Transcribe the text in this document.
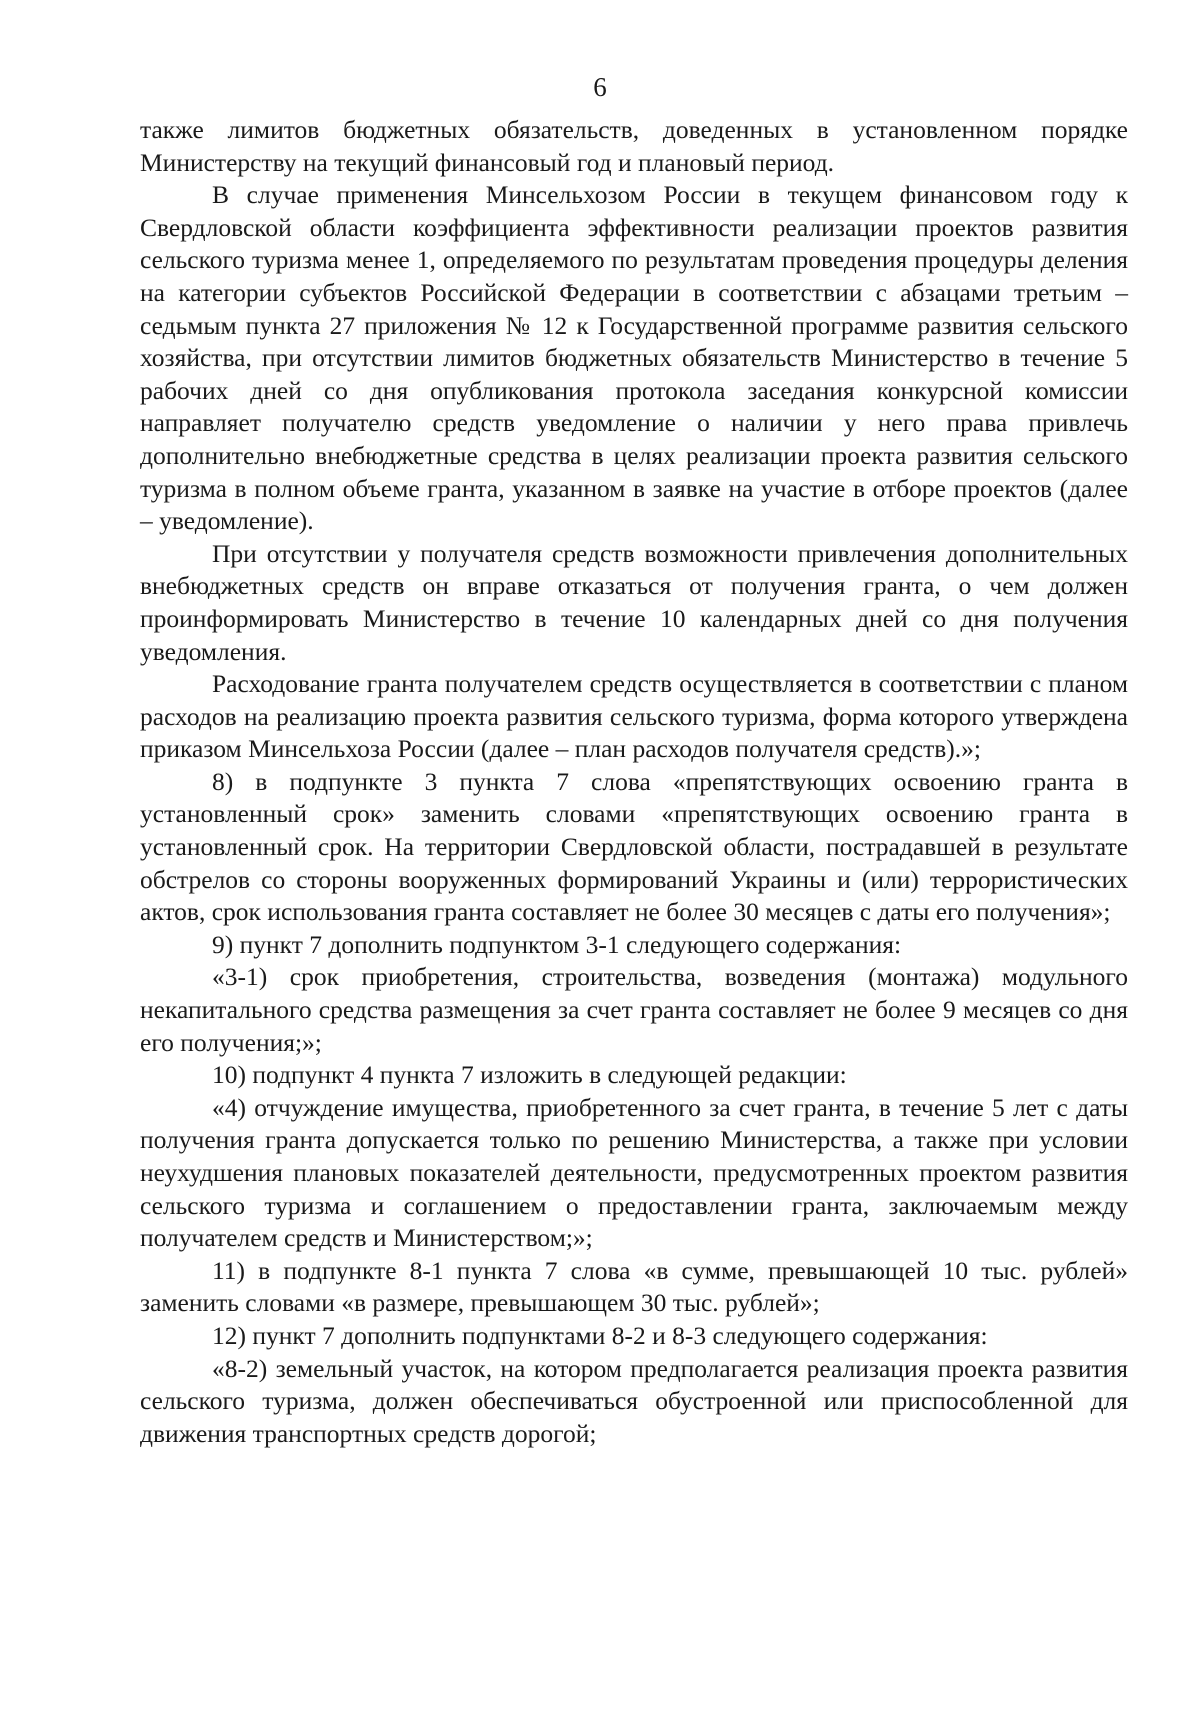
6

также лимитов бюджетных обязательств, доведенных в установленном порядке Министерству на текущий финансовый год и плановый период.

В случае применения Минсельхозом России в текущем финансовом году к Свердловской области коэффициента эффективности реализации проектов развития сельского туризма менее 1, определяемого по результатам проведения процедуры деления на категории субъектов Российской Федерации в соответствии с абзацами третьим – седьмым пункта 27 приложения № 12 к Государственной программе развития сельского хозяйства, при отсутствии лимитов бюджетных обязательств Министерство в течение 5 рабочих дней со дня опубликования протокола заседания конкурсной комиссии направляет получателю средств уведомление о наличии у него права привлечь дополнительно внебюджетные средства в целях реализации проекта развития сельского туризма в полном объеме гранта, указанном в заявке на участие в отборе проектов (далее – уведомление).

При отсутствии у получателя средств возможности привлечения дополнительных внебюджетных средств он вправе отказаться от получения гранта, о чем должен проинформировать Министерство в течение 10 календарных дней со дня получения уведомления.

Расходование гранта получателем средств осуществляется в соответствии с планом расходов на реализацию проекта развития сельского туризма, форма которого утверждена приказом Минсельхоза России (далее – план расходов получателя средств).»;

8) в подпункте 3 пункта 7 слова «препятствующих освоению гранта в установленный срок» заменить словами «препятствующих освоению гранта в установленный срок. На территории Свердловской области, пострадавшей в результате обстрелов со стороны вооруженных формирований Украины и (или) террористических актов, срок использования гранта составляет не более 30 месяцев с даты его получения»;

9) пункт 7 дополнить подпунктом 3-1 следующего содержания:

«3-1) срок приобретения, строительства, возведения (монтажа) модульного некапитального средства размещения за счет гранта составляет не более 9 месяцев со дня его получения;»;

10) подпункт 4 пункта 7 изложить в следующей редакции:

«4) отчуждение имущества, приобретенного за счет гранта, в течение 5 лет с даты получения гранта допускается только по решению Министерства, а также при условии неухудшения плановых показателей деятельности, предусмотренных проектом развития сельского туризма и соглашением о предоставлении гранта, заключаемым между получателем средств и Министерством;»;

11) в подпункте 8-1 пункта 7 слова «в сумме, превышающей 10 тыс. рублей» заменить словами «в размере, превышающем 30 тыс. рублей»;

12) пункт 7 дополнить подпунктами 8-2 и 8-3 следующего содержания:

«8-2) земельный участок, на котором предполагается реализация проекта развития сельского туризма, должен обеспечиваться обустроенной или приспособленной для движения транспортных средств дорогой;
